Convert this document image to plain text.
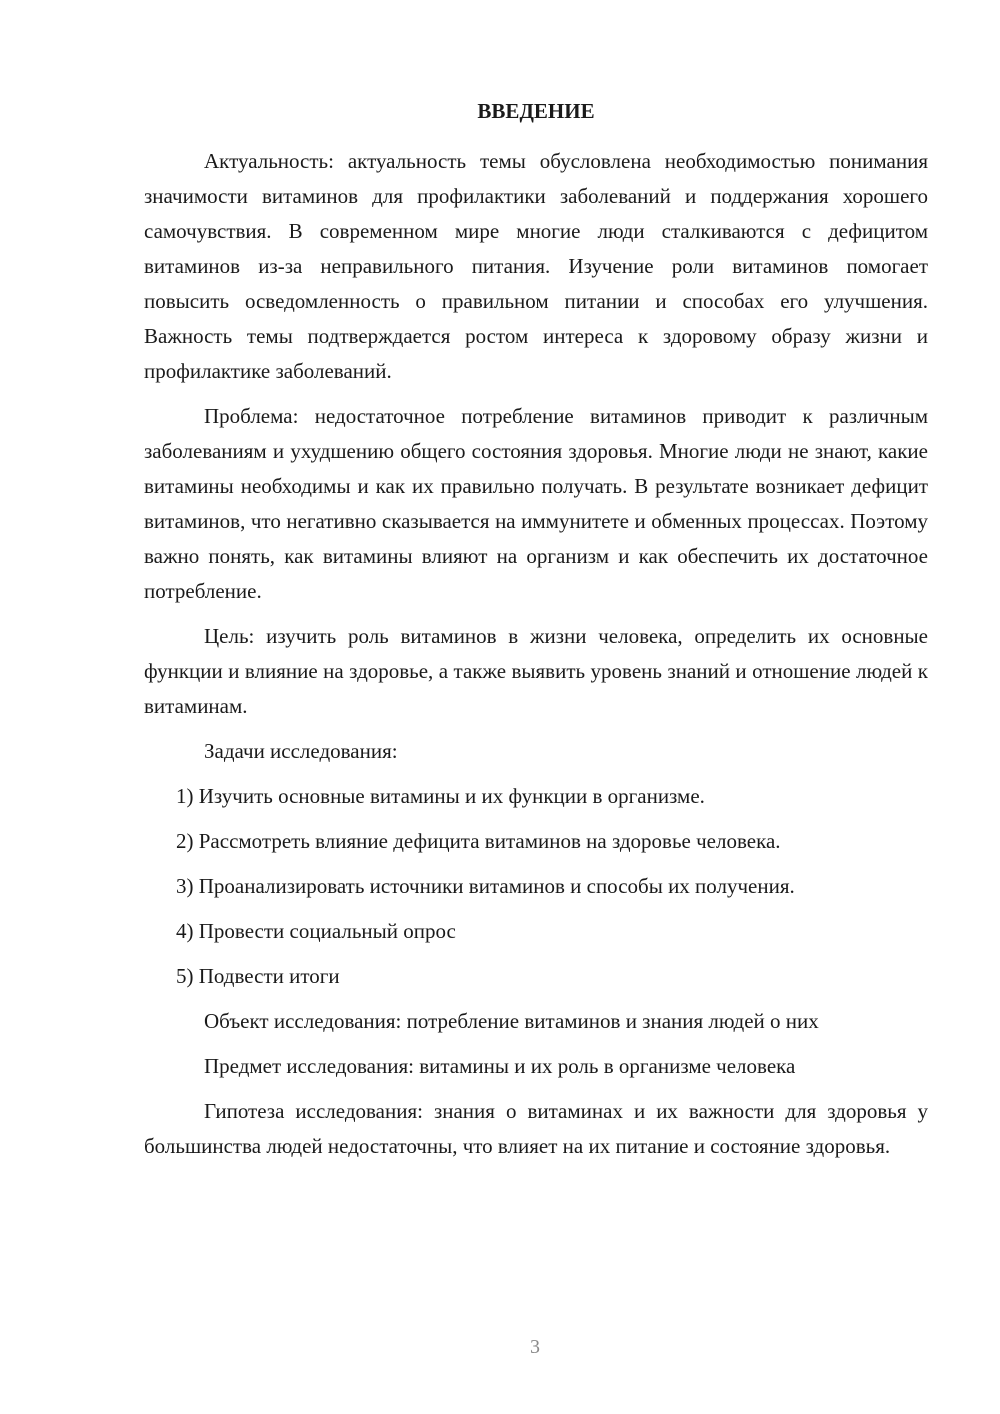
ВВЕДЕНИЕ

Актуальность: актуальность темы обусловлена необходимостью понимания значимости витаминов для профилактики заболеваний и поддержания хорошего самочувствия. В современном мире многие люди сталкиваются с дефицитом витаминов из-за неправильного питания. Изучение роли витаминов помогает повысить осведомленность о правильном питании и способах его улучшения. Важность темы подтверждается ростом интереса к здоровому образу жизни и профилактике заболеваний.

Проблема: недостаточное потребление витаминов приводит к различным заболеваниям и ухудшению общего состояния здоровья. Многие люди не знают, какие витамины необходимы и как их правильно получать. В результате возникает дефицит витаминов, что негативно сказывается на иммунитете и обменных процессах. Поэтому важно понять, как витамины влияют на организм и как обеспечить их достаточное потребление.

Цель: изучить роль витаминов в жизни человека, определить их основные функции и влияние на здоровье, а также выявить уровень знаний и отношение людей к витаминам.

Задачи исследования:
1) Изучить основные витамины и их функции в организме.
2) Рассмотреть влияние дефицита витаминов на здоровье человека.
3) Проанализировать источники витаминов и способы их получения.
4) Провести социальный опрос
5) Подвести итоги
Объект исследования: потребление витаминов и знания людей о них
Предмет исследования: витамины и их роль в организме человека

Гипотеза исследования: знания о витаминах и их важности для здоровья у большинства людей недостаточны, что влияет на их питание и состояние здоровья.

3
